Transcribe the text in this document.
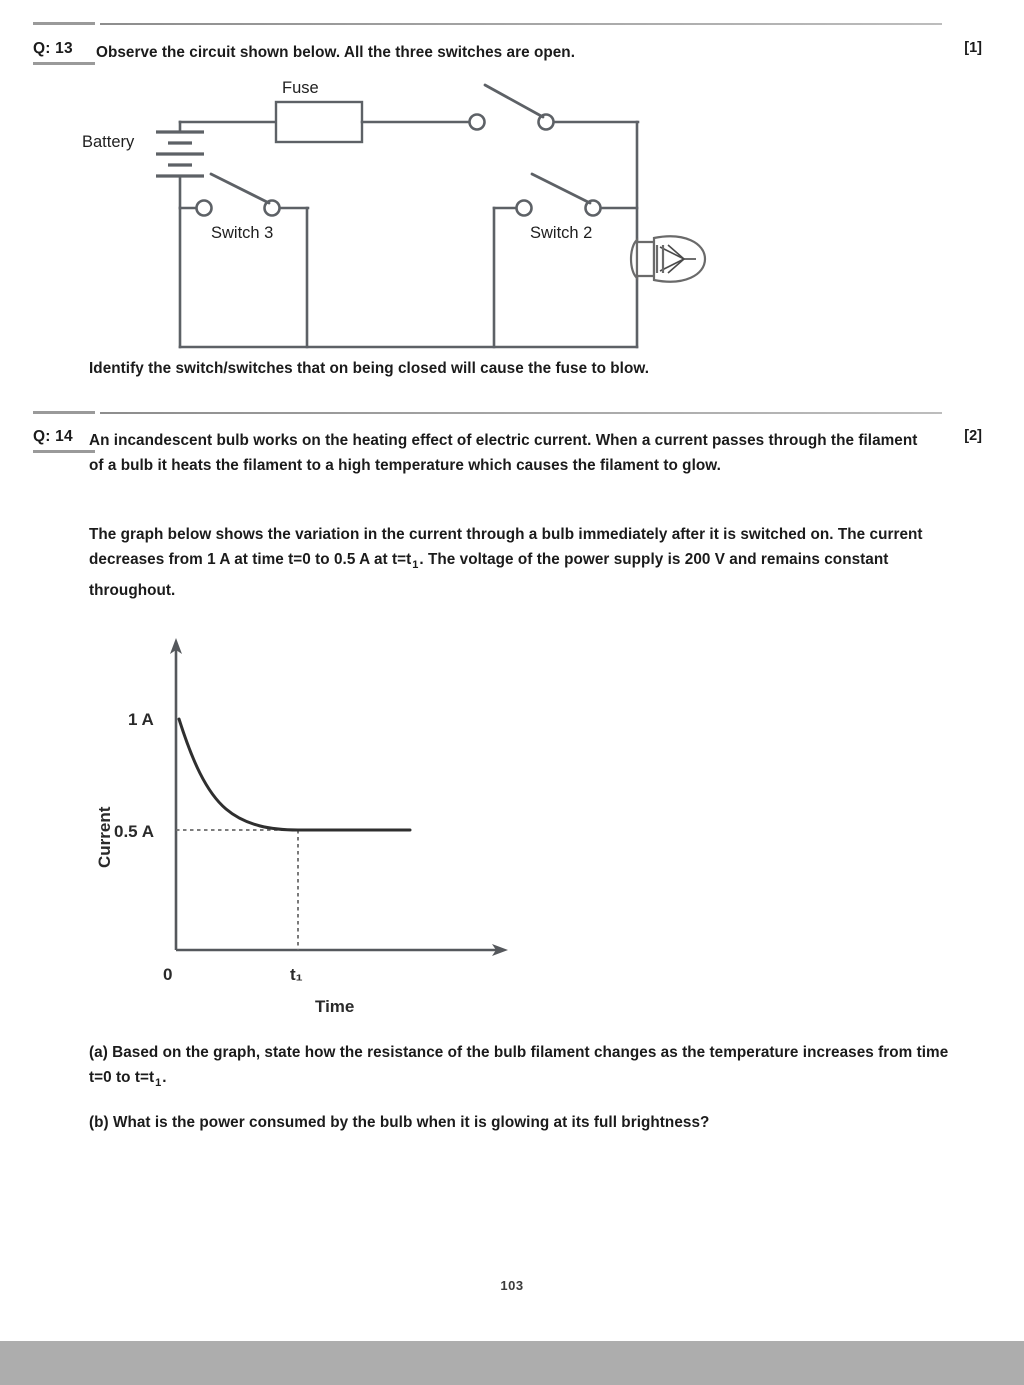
Q: 13 Observe the circuit shown below. All the three switches are open.	[1]
Battery
Fuse
Switch 3	Switch 2
Identify the switch/switches that on being closed will cause the fuse to blow.
Q: 14 An incandescent bulb works on the heating effect of electric current. When a current passes through the filament of a bulb it heats the filament to a high temperature which causes the filament to glow.
[2]
The graph below shows the variation in the current through a bulb immediately after it is switched on. The current decreases from 1 A at time t=0 to 0.5 A at $t=t_1$. The voltage of the power supply is 200 V and remains constant throughout.
1 A
0.5 A
0	t₁
Time
Current
(a) Based on the graph, state how the resistance of the bulb filament changes as the temperature increases from time t=0 to $t=t_1$.
(b) What is the power consumed by the bulb when it is glowing at its full brightness?
103
